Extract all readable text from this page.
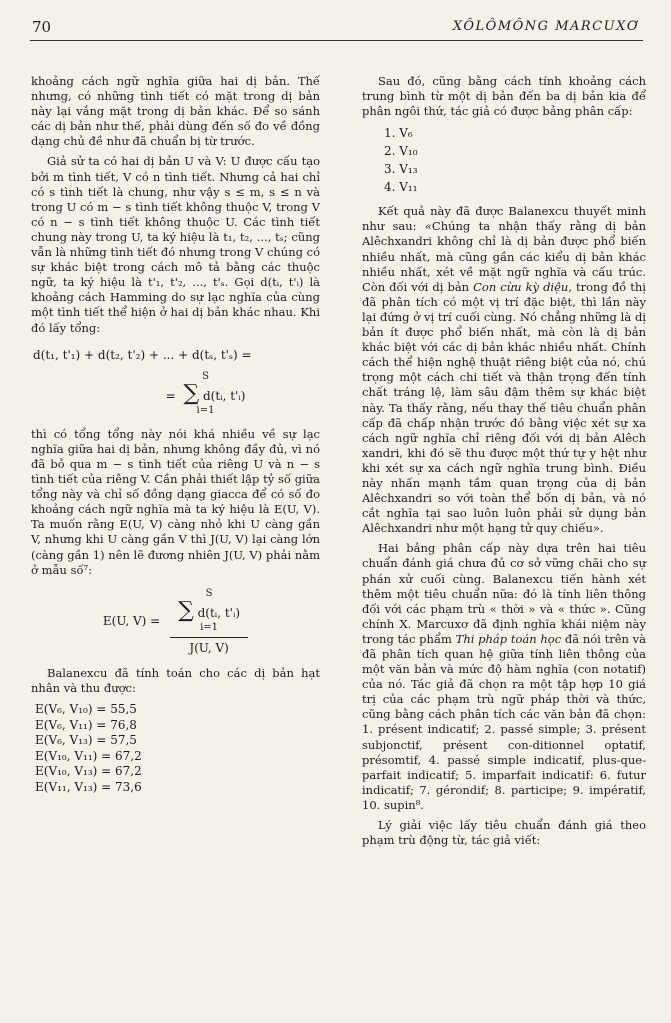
70	XÔLÔMÔNG MARCUXƠ

khoảng cách ngữ nghĩa giữa hai dị bản. Thế nhưng, có những tình tiết có mặt trong dị bản này lại vắng mặt trong dị bản khác. Để so sánh các dị bản như thế, phải dùng đến số đo về đồng dạng chủ đề như đã chuẩn bị từ trước.

Giả sử ta có hai dị bản U và V: U được cấu tạo bởi m tình tiết, V có n tình tiết. Nhưng cả hai chỉ có s tình tiết là chung, như vậy s ≤ m, s ≤ n và trong U có m − s tình tiết không thuộc V, trong V có n − s tình tiết không thuộc U. Các tình tiết chung này trong U, ta ký hiệu là t₁, t₂, ..., tₛ; cũng vẫn là những tình tiết đó nhưng trong V chúng có sự khác biệt trong cách mô tả bằng các thuộc ngữ, ta ký hiệu là t'₁, t'₂, ..., t'ₛ. Gọi d(tᵢ, t'ᵢ) là khoảng cách Hamming do sự lạc nghĩa của cùng một tình tiết thể hiện ở hai dị bản khác nhau. Khi đó lấy tổng:

d(t₁, t'₁) + d(t₂, t'₂) + ... + d(tₛ, t'ₛ) =
S
= ∑ d(tᵢ, t'ᵢ)
i=1

thì có tổng tổng này nói khá nhiều về sự lạc nghĩa giữa hai dị bản, nhưng không đầy đủ, vì nó đã bỏ qua m − s tình tiết của riêng U và n − s tình tiết của riêng V. Cần phải thiết lập tỷ số giữa tổng này và chỉ số đồng dạng giacca để có số đo khoảng cách ngữ nghĩa mà ta ký hiệu là E(U, V). Ta muốn rằng E(U, V) càng nhỏ khi U càng gần V, nhưng khi U càng gần V thì J(U, V) lại càng lớn (càng gần 1) nên lẽ đương nhiên J(U, V) phải nằm ở mẫu số⁷:

E(U, V) = S
∑ d(tᵢ, t'ᵢ)
i=1
J(U, V)

Balanexcu đã tính toán cho các dị bản hạt nhân và thu được:

E(V₆, V₁₀) = 55,5
E(V₆, V₁₁) = 76,8
E(V₆, V₁₃) = 57,5
E(V₁₀, V₁₁) = 67,2
E(V₁₀, V₁₃) = 67,2
E(V₁₁, V₁₃) = 73,6

Sau đó, cũng bằng cách tính khoảng cách trung bình từ một dị bản đến ba dị bản kia để phân ngôi thứ, tác giả có được bảng phân cấp:

1. V₆
2. V₁₀
3. V₁₃
4. V₁₁

Kết quả này đã được Balanexcu thuyết minh như sau: «Chúng ta nhận thấy rằng dị bản Alêchxandri không chỉ là dị bản được phổ biến nhiều nhất, mà cũng gần các kiểu dị bản khác nhiều nhất, xét về mặt ngữ nghĩa và cấu trúc. Còn đối với dị bản Con cừu kỳ diệu, trong đồ thị đã phân tích có một vị trí đặc biệt, thì lần này lại đứng ở vị trí cuối cùng. Nó chẳng những là dị bản ít được phổ biến nhất, mà còn là dị bản khác biệt với các dị bản khác nhiều nhất. Chính cách thể hiện nghệ thuật riêng biệt của nó, chú trọng một cách chi tiết và thận trọng đến tính chất tráng lệ, làm sâu đậm thêm sự khác biệt này. Ta thấy rằng, nếu thay thế tiêu chuẩn phân cấp đã chấp nhận trước đó bằng việc xét sự xa cách ngữ nghĩa chỉ riêng đối với dị bản Alêch xandri, khi đó sẽ thu được một thứ tự y hệt như khi xét sự xa cách ngữ nghĩa trung bình. Điều này nhấn mạnh tầm quan trọng của dị bản Alêchxandri so với toàn thể bốn dị bản, và nó cắt nghĩa tại sao luôn luôn phải sử dụng bản Alêchxandri như một hạng tử quy chiếu».

Hai bảng phân cấp này dựa trên hai tiêu chuẩn đánh giá chưa đủ cơ sở vững chãi cho sự phán xử cuối cùng. Balanexcu tiến hành xét thêm một tiêu chuẩn nữa: đó là tính liên thông đối với các phạm trù « thời » và « thức ». Cũng chính X. Marcuxơ đã định nghĩa khái niệm này trong tác phẩm Thi pháp toán học đã nói trên và đã phân tích quan hệ giữa tính liên thông của một văn bản và mức độ hàm nghĩa (con notatif) của nó. Tác giả đã chọn ra một tập hợp 10 giá trị của các phạm trù ngữ pháp thời và thức, cũng bằng cách phân tích các văn bản đã chọn: 1. présent indicatif; 2. passé simple; 3. présent subjonctif, présent con-ditionnel optatif, présomtif, 4. passé simple indicatif, plus-que-parfait indicatif; 5. imparfait indicatif: 6. futur indicatif; 7. gérondif; 8. participe; 9. impératif, 10. supin⁸.

Lý giải việc lấy tiêu chuẩn đánh giá theo phạm trù động từ, tác giả viết:
